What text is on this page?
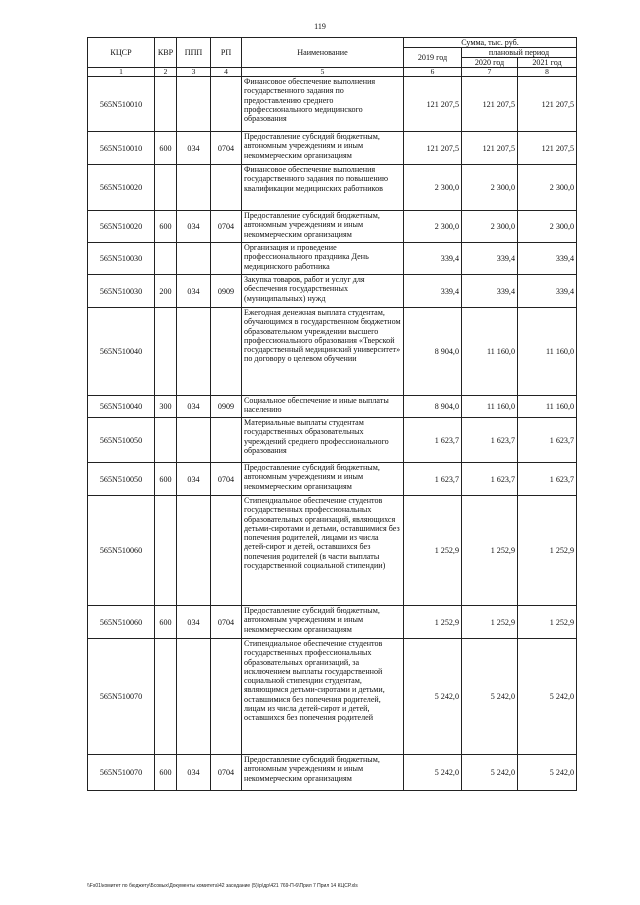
119
КЦСР	КВР	ППП	РП	Наименование	Сумма, тыс. руб.		
					2019 год	плановый период	
						2020 год	2021 год
1	2	3	4	5	6	7	8
565N510010				Финансовое обеспечение выполнения государственного задания по предоставлению среднего профессионального медицинского образования	121 207,5	121 207,5	121 207,5
565N510010	600	034	0704	Предоставление субсидий бюджетным, автономным учреждениям и иным некоммерческим организациям	121 207,5	121 207,5	121 207,5
565N510020				Финансовое обеспечение выполнения государственного задания по повышению квалификации медицинских работников	2 300,0	2 300,0	2 300,0
565N510020	600	034	0704	Предоставление субсидий бюджетным, автономным учреждениям и иным некоммерческим организациям	2 300,0	2 300,0	2 300,0
565N510030				Организация и проведение профессионального праздника День медицинского работника	339,4	339,4	339,4
565N510030	200	034	0909	Закупка товаров, работ и услуг для обеспечения государственных (муниципальных) нужд	339,4	339,4	339,4
565N510040				Ежегодная денежная выплата студентам, обучающимся в государственном бюджетном образовательном учреждении высшего профессионального образования «Тверской государственный медицинский университет» по договору о целевом обучении	8 904,0	11 160,0	11 160,0
565N510040	300	034	0909	Социальное обеспечение и иные выплаты населению	8 904,0	11 160,0	11 160,0
565N510050				Материальные выплаты студентам государственных образовательных учреждений среднего профессионального образования	1 623,7	1 623,7	1 623,7
565N510050	600	034	0704	Предоставление субсидий бюджетным, автономным учреждениям и иным некоммерческим организациям	1 623,7	1 623,7	1 623,7
565N510060				Стипендиальное обеспечение студентов государственных профессиональных образовательных организаций, являющихся детьми-сиротами и детьми, оставшимися без попечения родителей, лицами из числа детей-сирот и детей, оставшихся без попечения родителей (в части выплаты государственной социальной стипендии)	1 252,9	1 252,9	1 252,9
565N510060	600	034	0704	Предоставление субсидий бюджетным, автономным учреждениям и иным некоммерческим организациям	1 252,9	1 252,9	1 252,9
565N510070				Стипендиальное обеспечение студентов государственных профессиональных образовательных организаций, за исключением выплаты государственной социальной стипендии студентам, являющимся детьми-сиротами и детьми, оставшимися без попечения родителей, лицам из числа детей-сирот и детей, оставшихся без попечения родителей	5 242,0	5 242,0	5 242,0
565N510070	600	034	0704	Предоставление субсидий бюджетным, автономным учреждениям и иным некоммерческим организациям	5 242,0	5 242,0	5 242,0
\\Fs01\комитет по бюджету\Бсовых\Документы комитета\42 заседание (5)\р\др\421 769-П-6\Прил 7 Прил 14 КЦСР.xls
